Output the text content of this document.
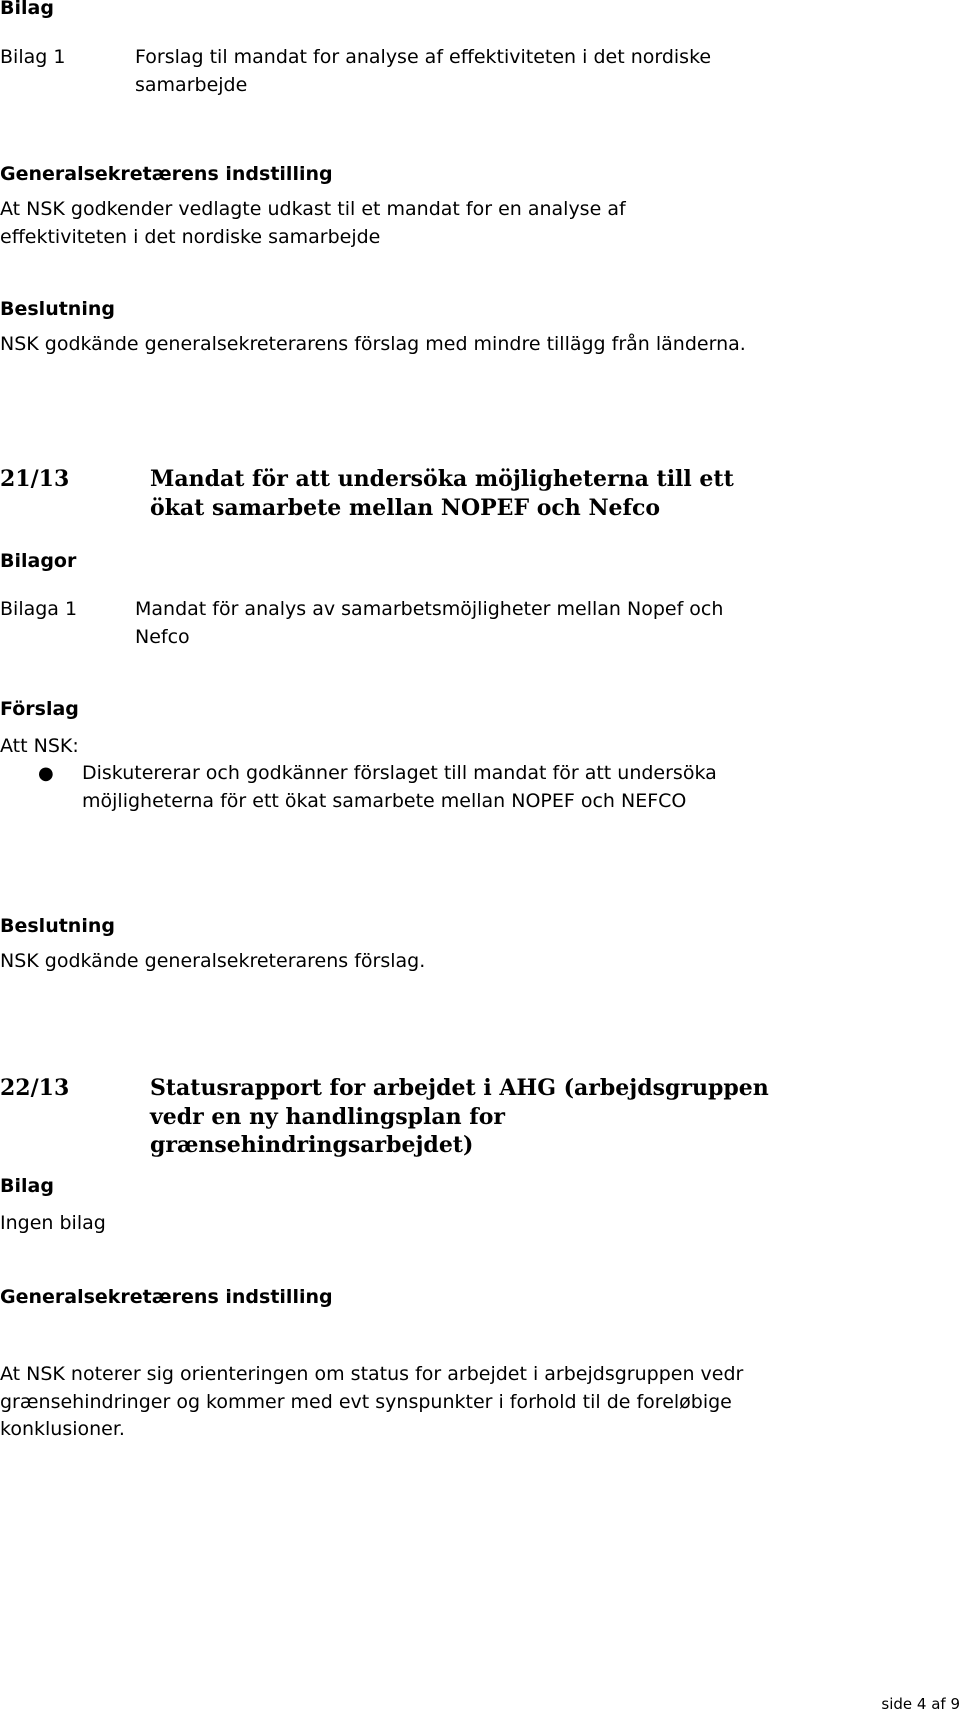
Bilag
Bilag 1	Forslag til mandat for analyse af effektiviteten i det nordiske samarbejde
Generalsekretærens indstilling
At NSK godkender vedlagte udkast til et mandat for en analyse af effektiviteten i det nordiske samarbejde
Beslutning
NSK godkände generalsekreterarens förslag med mindre tillägg från länderna.
21/13	Mandat för att undersöka möjligheterna till ett ökat samarbete mellan NOPEF och Nefco
Bilagor
Bilaga 1	Mandat för analys av samarbetsmöjligheter mellan Nopef och Nefco
Förslag
Att NSK:
● Diskutererar och godkänner förslaget till mandat för att undersöka möjligheterna för ett ökat samarbete mellan NOPEF och NEFCO
Beslutning
NSK godkände generalsekreterarens förslag.
22/13	Statusrapport for arbejdet i AHG (arbejdsgruppen vedr en ny handlingsplan for grænsehindringsarbejdet)
Bilag
Ingen bilag
Generalsekretærens indstilling
At NSK noterer sig orienteringen om status for arbejdet i arbejdsgruppen vedr grænsehindringer og kommer med evt synspunkter i forhold til de foreløbige konklusioner.
side 4 af 9
